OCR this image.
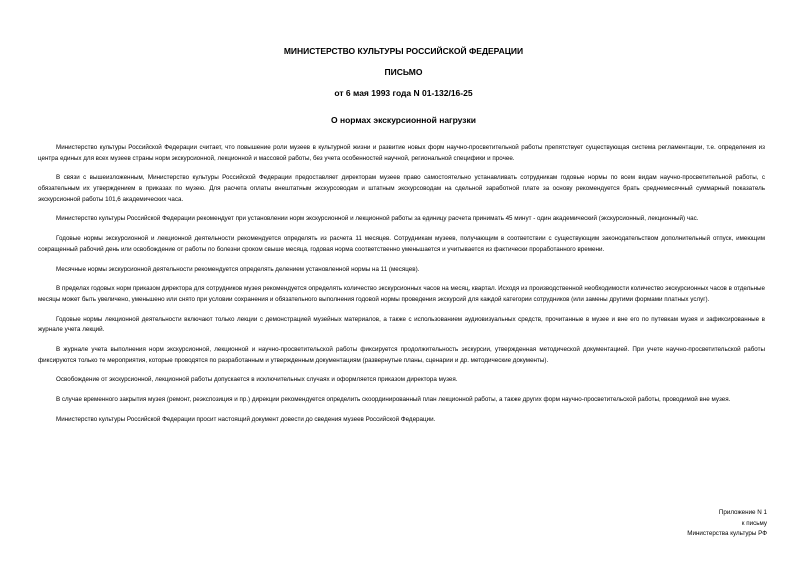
МИНИСТЕРСТВО КУЛЬТУРЫ РОССИЙСКОЙ ФЕДЕРАЦИИ
ПИСЬМО
от 6 мая 1993 года N 01-132/16-25
О нормах экскурсионной нагрузки

Министерство культуры Российской Федерации считает, что повышение роли музеев в культурной жизни и развитие новых форм научно-просветительной работы препятствует существующая система регламентации, т.е. определения из центра единых для всех музеев страны норм экскурсионной, лекционной и массовой работы, без учета особенностей научной, региональной специфики и прочее.

В связи с вышеизложенным, Министерство культуры Российской Федерации предоставляет директорам музеев право самостоятельно устанавливать сотрудникам годовые нормы по всем видам научно-просветительной работы, с обязательным их утверждением в приказах по музею. Для расчета оплаты внештатным экскурсоводам и штатным экскурсоводам на сдельной заработной плате за основу рекомендуется брать среднемесячный суммарный показатель экскурсионной работы 101,6 академических часа.

Министерство культуры Российской Федерации рекомендует при установлении норм экскурсионной и лекционной работы за единицу расчета принимать 45 минут - один академический (экскурсионный, лекционный) час.

Годовые нормы экскурсионной и лекционной деятельности рекомендуется определять из расчета 11 месяцев. Сотрудникам музеев, получающим в соответствии с существующим законодательством дополнительный отпуск, имеющим сокращенный рабочий день или освобождение от работы по болезни сроком свыше месяца, годовая норма соответственно уменьшается и учитывается из фактически проработанного времени.

Месячные нормы экскурсионной деятельности рекомендуется определять делением установленной нормы на 11 (месяцев).

В пределах годовых норм приказом директора для сотрудников музея рекомендуется определять количество экскурсионных часов на месяц, квартал. Исходя из производственной необходимости количество экскурсионных часов в отдельные месяцы может быть увеличено, уменьшено или снято при условии сохранения и обязательного выполнения годовой нормы проведения экскурсий для каждой категории сотрудников (или замены другими формами платных услуг).

Годовые нормы лекционной деятельности включают только лекции с демонстрацией музейных материалов, а также с использованием аудиовизуальных средств, прочитанные в музее и вне его по путевкам музея и зафиксированные в журнале учета лекций.

В журнале учета выполнения норм экскурсионной, лекционной и научно-просветительской работы фиксируется продолжительность экскурсии, утвержденная методической документацией. При учете научно-просветительской работы фиксируются только те мероприятия, которые проводятся по разработанным и утвержденным документациям (развернутые планы, сценарии и др. методические документы).

Освобождение от экскурсионной, лекционной работы допускается в исключительных случаях и оформляется приказом директора музея.

В случае временного закрытия музея (ремонт, реэкспозиция и пр.) дирекции рекомендуется определить скоординированный план лекционной работы, а также других форм научно-просветительской работы, проводимой вне музея.

Министерство культуры Российской Федерации просит настоящий документ довести до сведения музеев Российской Федерации.

Приложение N 1
к письму
Министерства культуры РФ
